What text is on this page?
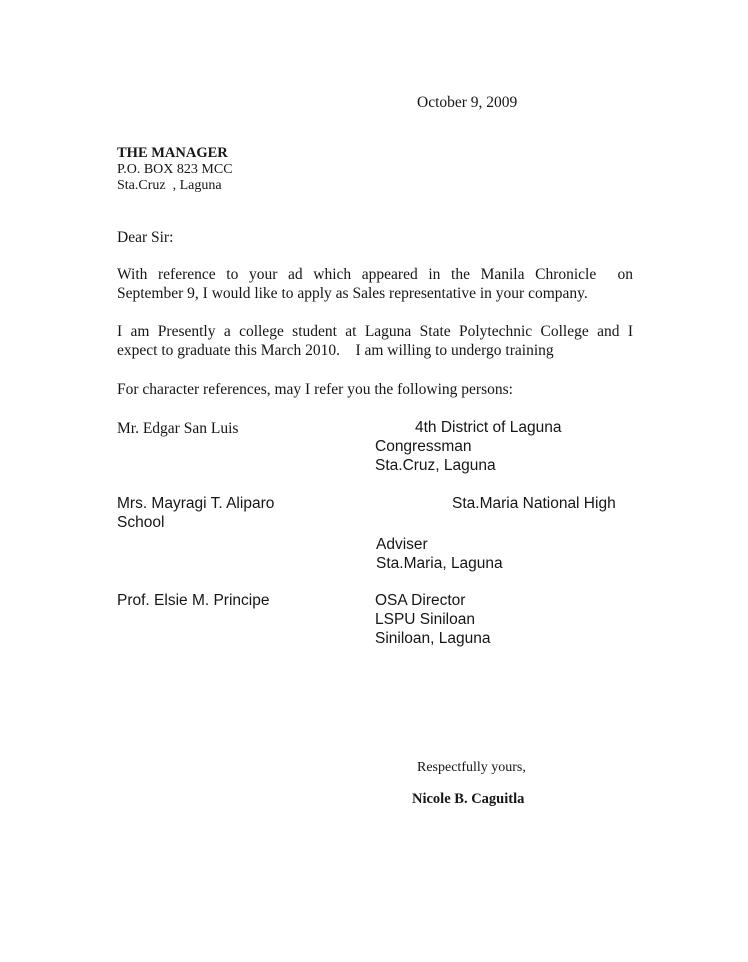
October 9, 2009
THE MANAGER
P.O. BOX 823 MCC
Sta.Cruz  , Laguna
Dear Sir:
With reference to your ad which appeared in the Manila Chronicle  on
September 9, I would like to apply as Sales representative in your company.
I am Presently a college student at Laguna State Polytechnic College and I
expect to graduate this March 2010.    I am willing to undergo training
For character references, may I refer you the following persons:
Mr. Edgar San Luis	4th District of Laguna
Congressman
Sta.Cruz, Laguna
Mrs. Mayragi T. Aliparo	Sta.Maria National High
School
Adviser
Sta.Maria, Laguna
Prof. Elsie M. Principe	OSA Director
LSPU Siniloan
Siniloan, Laguna
Respectfully yours,
Nicole B. Caguitla
